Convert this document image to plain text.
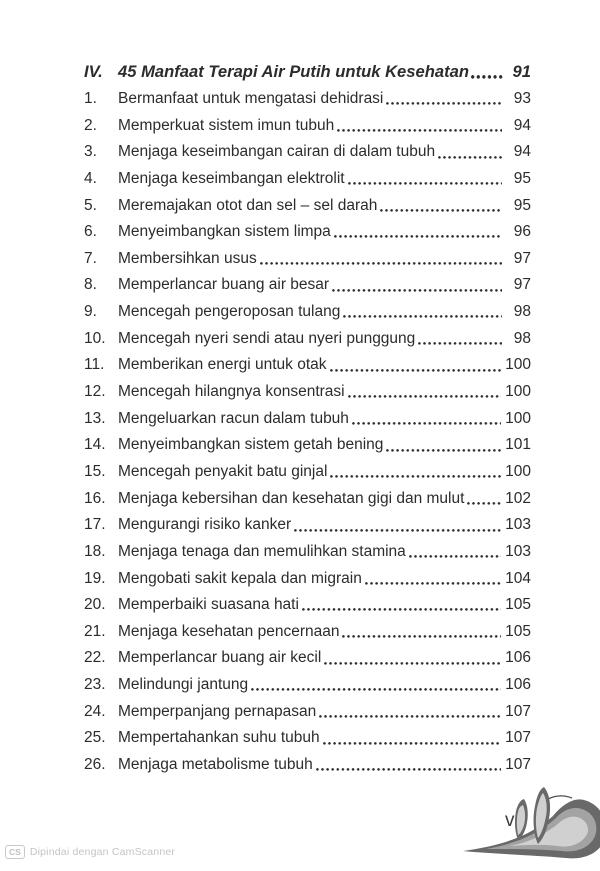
IV. 45 Manfaat Terapi Air Putih untuk Kesehatan	91
1.	Bermanfaat untuk mengatasi dehidrasi	93
2.	Memperkuat sistem imun tubuh	94
3.	Menjaga keseimbangan cairan di dalam tubuh	94
4.	Menjaga keseimbangan elektrolit	95
5.	Meremajakan otot dan sel – sel darah	95
6.	Menyeimbangkan sistem limpa	96
7.	Membersihkan usus	97
8.	Memperlancar buang air besar	97
9.	Mencegah pengeroposan tulang	98
10. Mencegah nyeri sendi atau nyeri punggung	98
11. Memberikan energi untuk otak	100
12. Mencegah hilangnya konsentrasi	100
13. Mengeluarkan racun dalam tubuh	100
14. Menyeimbangkan sistem getah bening	101
15. Mencegah penyakit batu ginjal	100
16. Menjaga kebersihan dan kesehatan gigi dan mulut	102
17. Mengurangi risiko kanker	103
18. Menjaga tenaga dan memulihkan stamina	103
19. Mengobati sakit kepala dan migrain	104
20. Memperbaiki suasana hati	105
21. Menjaga kesehatan pencernaan	105
22. Memperlancar buang air kecil	106
23. Melindungi jantung	106
24. Memperpanjang pernapasan	107
25. Mempertahankan suhu tubuh	107
26. Menjaga metabolisme tubuh	107
v
CS Dipindai dengan CamScanner
